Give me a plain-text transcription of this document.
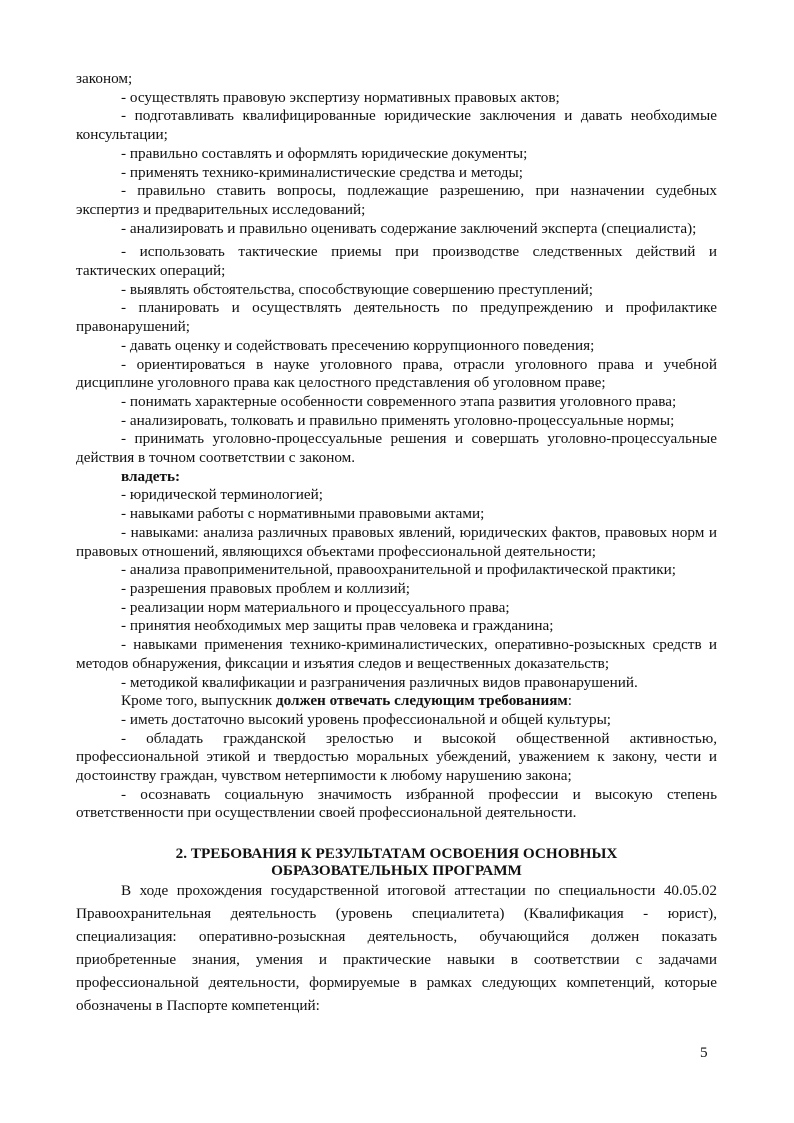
законом;

- осуществлять правовую экспертизу нормативных правовых актов;

- подготавливать квалифицированные юридические заключения и давать необходимые консультации;

- правильно составлять и оформлять юридические документы;

- применять технико-криминалистические средства и методы;

- правильно ставить вопросы, подлежащие разрешению, при назначении судебных экспертиз и предварительных исследований;

- анализировать и правильно оценивать содержание заключений эксперта (специалиста);

- использовать тактические приемы при производстве следственных действий и тактических операций;

- выявлять обстоятельства, способствующие совершению преступлений;

- планировать и осуществлять деятельность по предупреждению и профилактике правонарушений;

- давать оценку и содействовать пресечению коррупционного поведения;

- ориентироваться в науке уголовного права, отрасли уголовного права и учебной дисциплине уголовного права как целостного представления об уголовном праве;

- понимать характерные особенности современного этапа развития уголовного права;

- анализировать, толковать и правильно применять уголовно-процессуальные нормы;

- принимать уголовно-процессуальные решения и совершать уголовно-процессуальные действия в точном соответствии с законом.

владеть:

- юридической терминологией;

- навыками работы с нормативными правовыми актами;

- навыками: анализа различных правовых явлений, юридических фактов, правовых норм и правовых отношений, являющихся объектами профессиональной деятельности;

- анализа правоприменительной, правоохранительной и профилактической практики;

- разрешения правовых проблем и коллизий;

- реализации норм материального и процессуального права;

- принятия необходимых мер защиты прав человека и гражданина;

- навыками применения технико-криминалистических, оперативно-розыскных средств и методов обнаружения, фиксации и изъятия следов и вещественных доказательств;

- методикой квалификации и разграничения различных видов правонарушений.

Кроме того, выпускник должен отвечать следующим требованиям:

- иметь достаточно высокий уровень профессиональной и общей культуры;

- обладать гражданской зрелостью и высокой общественной активностью, профессиональной этикой и твердостью моральных убеждений, уважением к закону, чести и достоинству граждан, чувством нетерпимости к любому нарушению закона;

- осознавать социальную значимость избранной профессии и высокую степень ответственности при осуществлении своей профессиональной деятельности.

2. ТРЕБОВАНИЯ К РЕЗУЛЬТАТАМ ОСВОЕНИЯ ОСНОВНЫХ
ОБРАЗОВАТЕЛЬНЫХ ПРОГРАММ

В ходе прохождения государственной итоговой аттестации по специальности 40.05.02 Правоохранительная деятельность (уровень специалитета) (Квалификация - юрист), специализация: оперативно-розыскная деятельность, обучающийся должен показать приобретенные знания, умения и практические навыки в соответствии с задачами профессиональной деятельности, формируемые в рамках следующих компетенций, которые обозначены в Паспорте компетенций:

5
